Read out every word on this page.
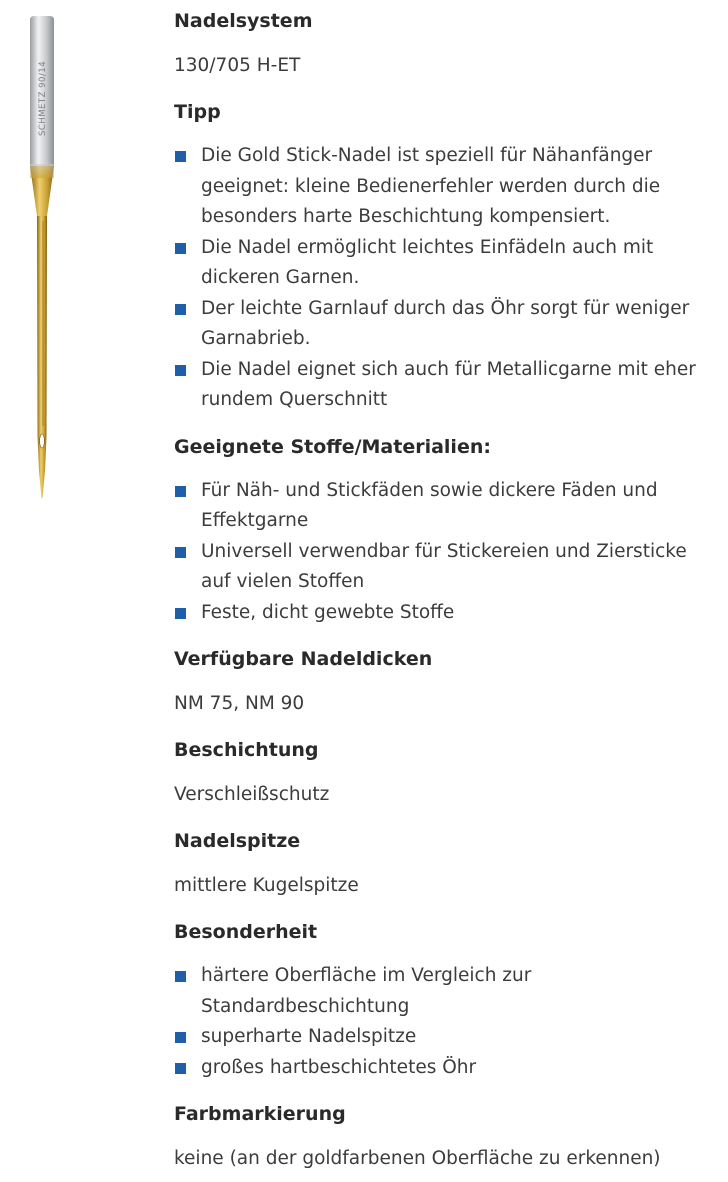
SCHMETZ 90/14
Nadelsystem

130/705 H-ET

Tipp
Die Gold Stick-Nadel ist speziell für Nähanfänger geeignet: kleine Bedienerfehler werden durch die besonders harte Beschichtung kompensiert.
Die Nadel ermöglicht leichtes Einfädeln auch mit dickeren Garnen.
Der leichte Garnlauf durch das Öhr sorgt für weniger Garnabrieb.
Die Nadel eignet sich auch für Metallicgarne mit eher rundem Querschnitt
Geeignete Stoffe/Materialien:
Für Näh- und Stickfäden sowie dickere Fäden und Effektgarne
Universell verwendbar für Stickereien und Ziersticke auf vielen Stoffen
Feste, dicht gewebte Stoffe
Verfügbare Nadeldicken

NM 75, NM 90

Beschichtung

Verschleißschutz

Nadelspitze

mittlere Kugelspitze

Besonderheit
härtere Oberfläche im Vergleich zur Standardbeschichtung
superharte Nadelspitze
großes hartbeschichtetes Öhr
Farbmarkierung

keine (an der goldfarbenen Oberfläche zu erkennen)
